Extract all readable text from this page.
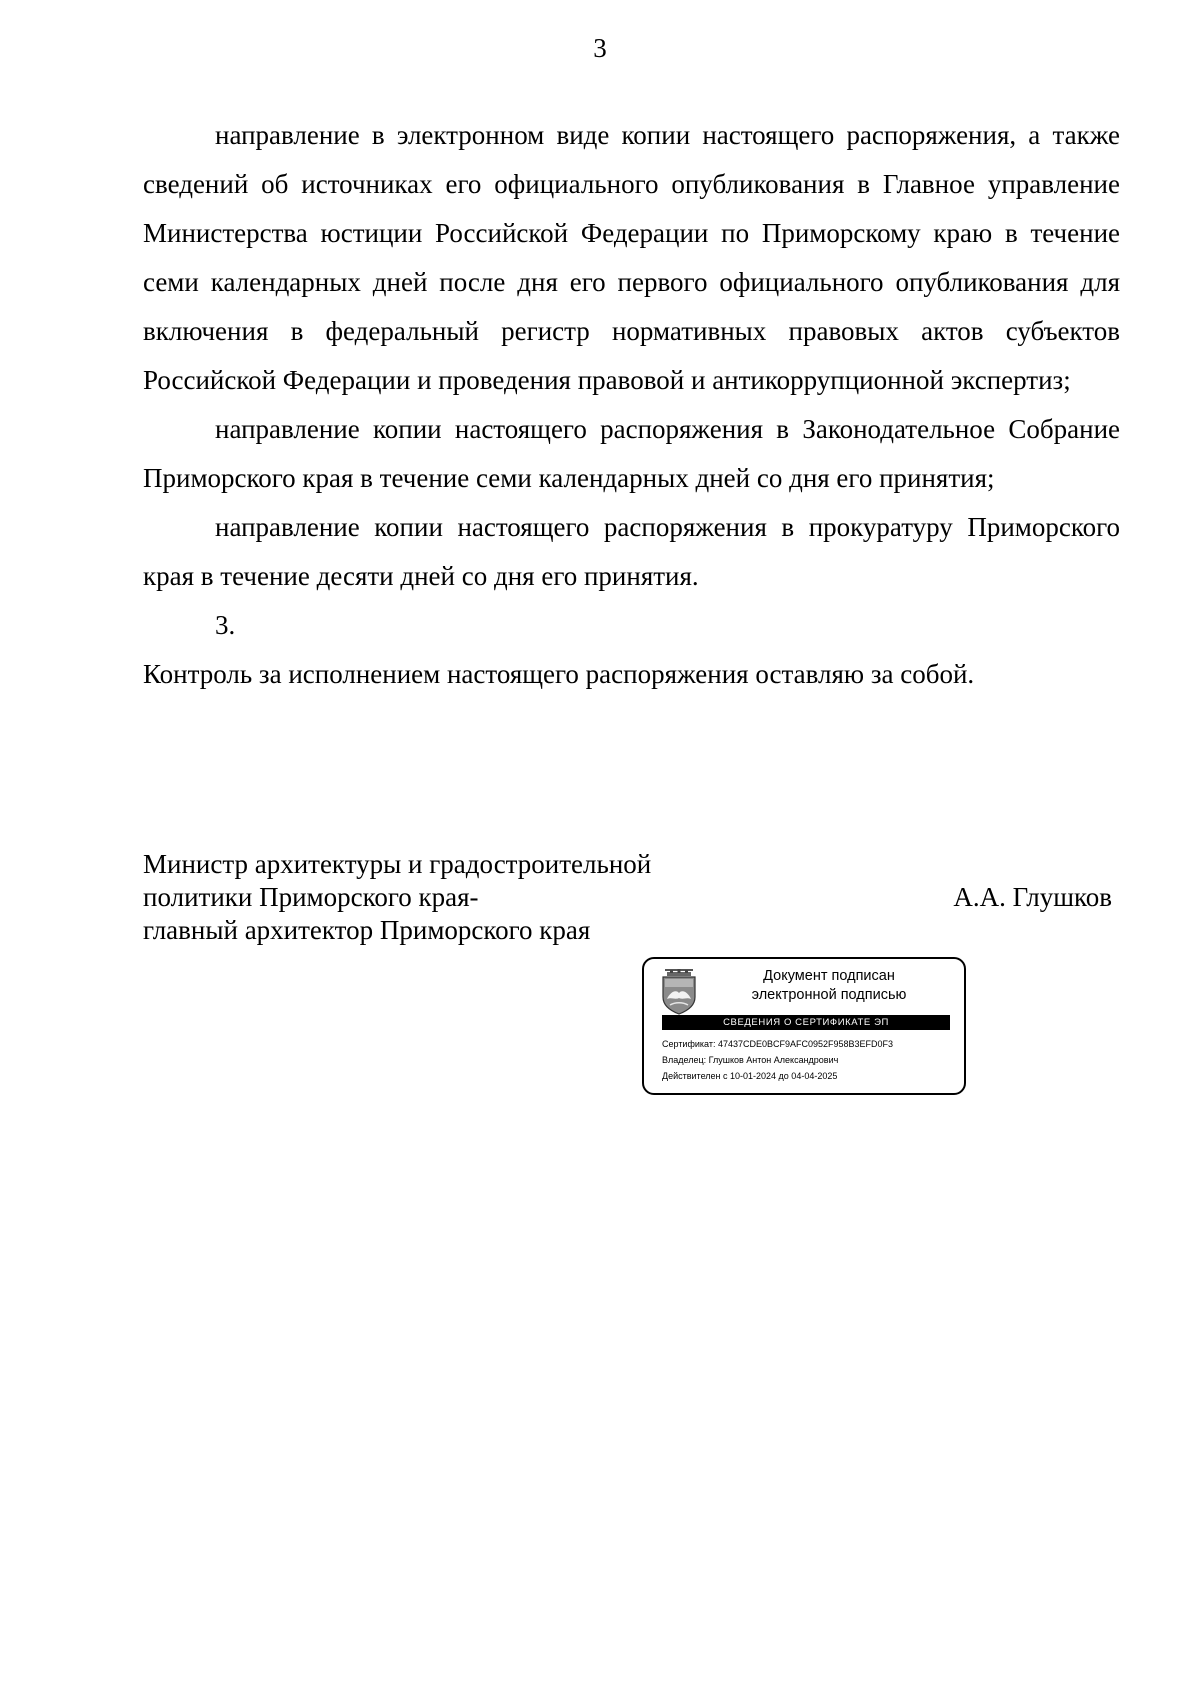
3

направление в электронном виде копии настоящего распоряжения, а также сведений об источниках его официального опубликования в Главное управление Министерства юстиции Российской Федерации по Приморскому краю в течение семи календарных дней после дня его первого официального опубликования для включения в федеральный регистр нормативных правовых актов субъектов Российской Федерации и проведения правовой и антикоррупционной экспертиз;

направление копии настоящего распоряжения в Законодательное Собрание Приморского края в течение семи календарных дней со дня его принятия;

направление копии настоящего распоряжения в прокуратуру Приморского края в течение десяти дней со дня его принятия.

3.
Контроль за исполнением настоящего распоряжения оставляю за собой.

Министр архитектуры и градостроительной
политики Приморского края-
главный архитектор Приморского края
А.А. Глушков
Документ подписан
электронной подписью
СВЕДЕНИЯ О СЕРТИФИКАТЕ ЭП
Сертификат: 47437CDE0BCF9AFC0952F958B3EFD0F3
Владелец: Глушков Антон Александрович
Действителен с 10-01-2024 до 04-04-2025
